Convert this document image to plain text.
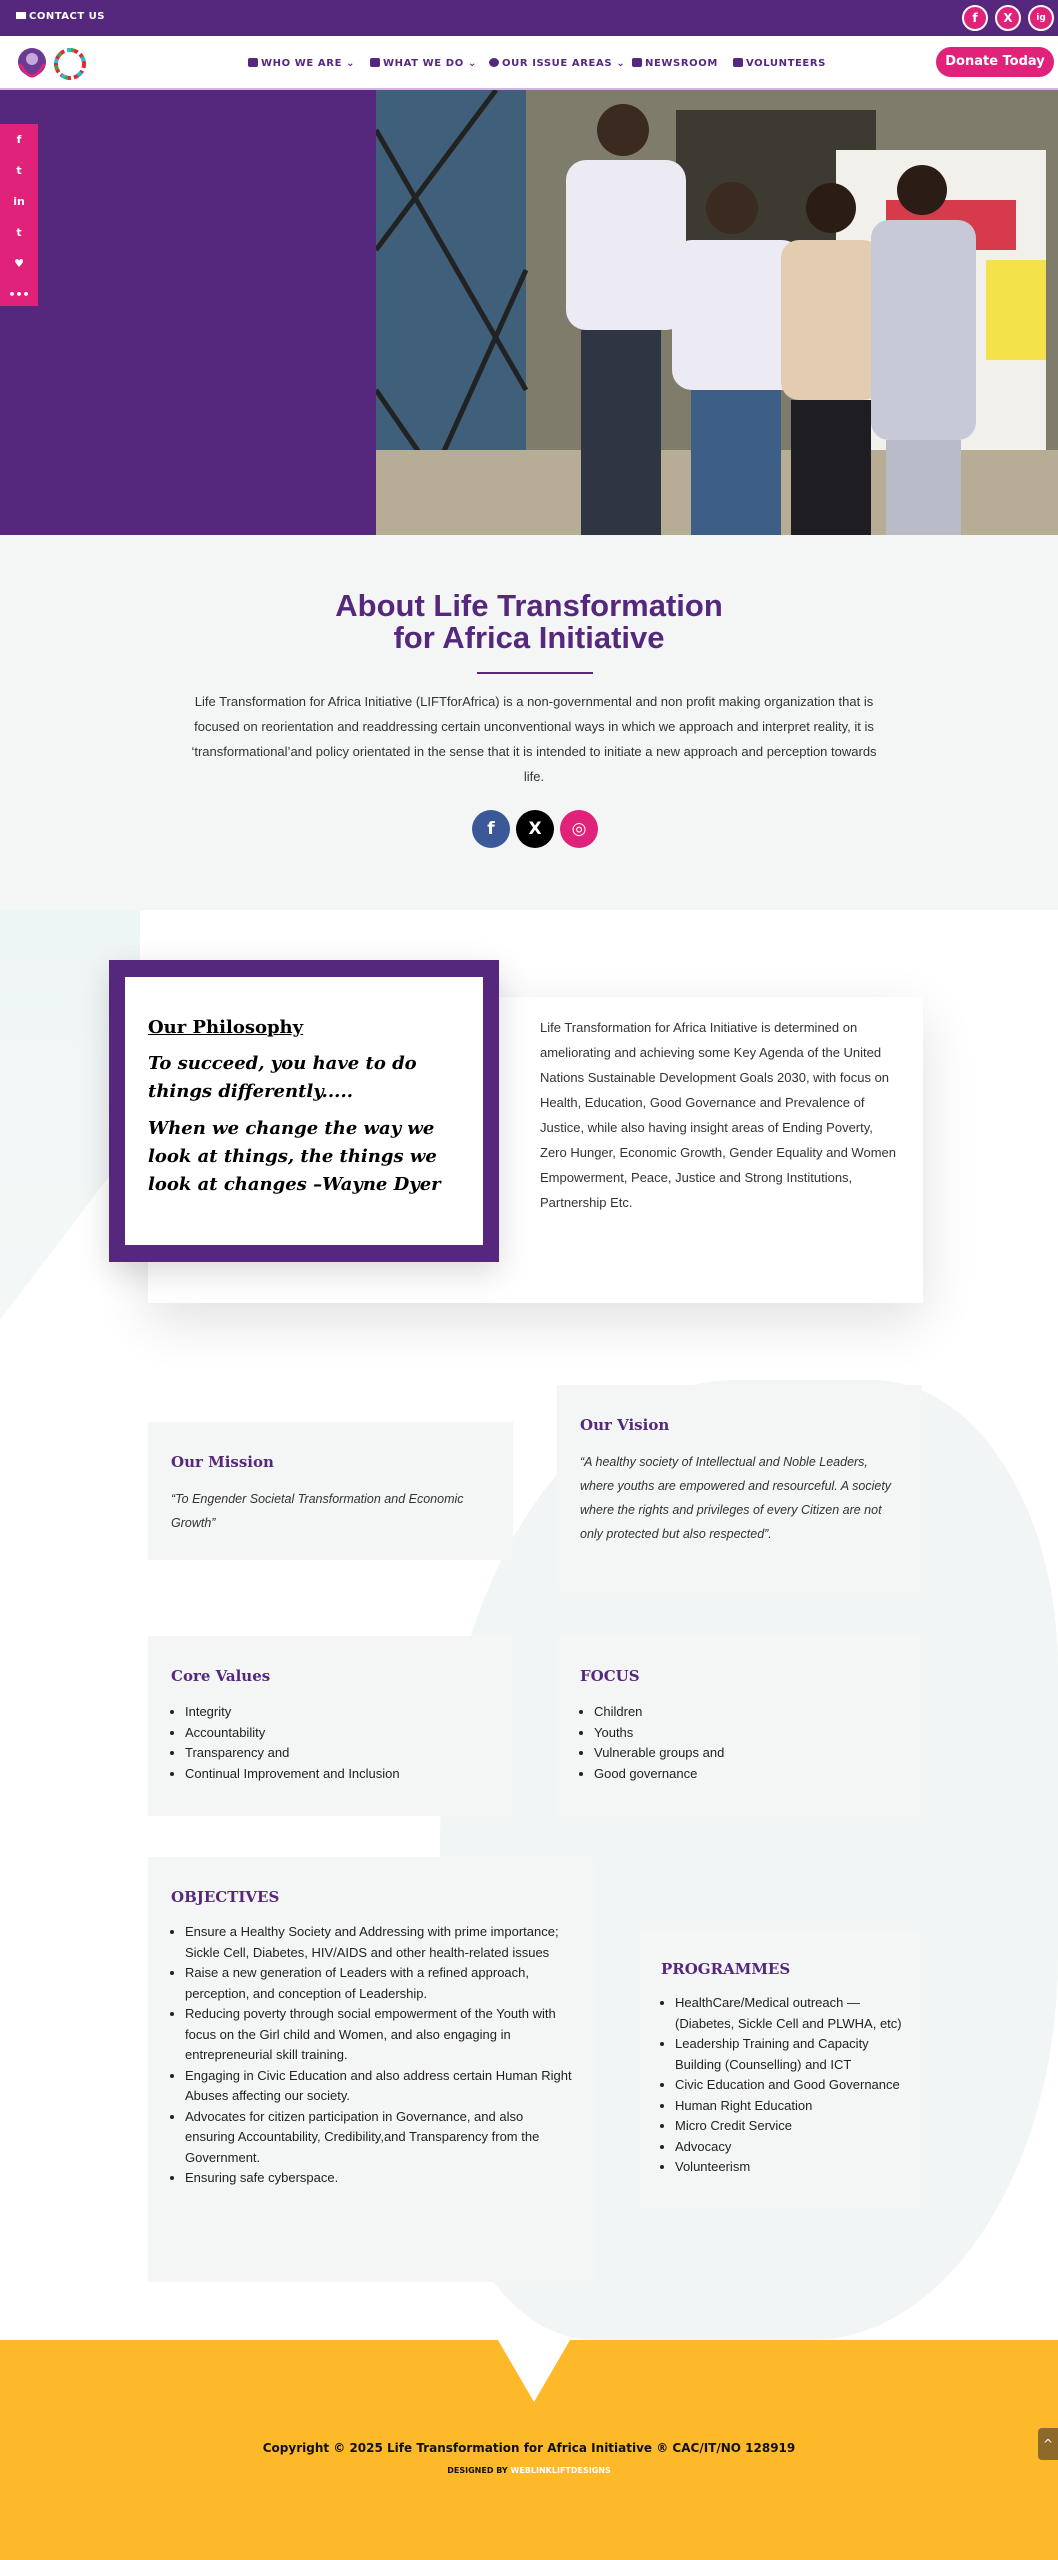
CONTACT US	f	X	ig
WHO WE ARE ⌄	WHAT WE DO ⌄	OUR ISSUE AREAS ⌄	NEWSROOM	VOLUNTEERS	Donate Today
f
t
in
t
♥
•••
About Life Transformation
for Africa Initiative
Life Transformation for Africa Initiative (LIFTforAfrica) is a non-governmental and non profit making organization that is focused on reorientation and readdressing certain unconventional ways in which we approach and interpret reality, it is ‘transformational’and policy orientated in the sense that it is intended to initiate a new approach and perception towards life.
f	X	◎
Our Philosophy
To succeed, you have to do things differently.....
When we change the way we look at things, the things we look at changes –Wayne Dyer
Life Transformation for Africa Initiative is determined on ameliorating and achieving some Key Agenda of the United Nations Sustainable Development Goals 2030, with focus on Health, Education, Good Governance and Prevalence of Justice, while also having insight areas of Ending Poverty, Zero Hunger, Economic Growth, Gender Equality and Women Empowerment, Peace, Justice and Strong Institutions, Partnership Etc.
Our Mission
“To Engender Societal Transformation and Economic Growth”
Our Vision
“A healthy society of Intellectual and Noble Leaders, where youths are empowered and resourceful. A society where the rights and privileges of every Citizen are not only protected but also respected”.
Core Values
• Integrity
• Accountability
• Transparency and
• Continual Improvement and Inclusion
FOCUS
• Children
• Youths
• Vulnerable groups and
• Good governance
OBJECTIVES
• Ensure a Healthy Society and Addressing with prime importance; Sickle Cell, Diabetes, HIV/AIDS and other health-related issues
• Raise a new generation of Leaders with a refined approach, perception, and conception of Leadership.
• Reducing poverty through social empowerment of the Youth with focus on the Girl child and Women, and also engaging in entrepreneurial skill training.
• Engaging in Civic Education and also address certain Human Right Abuses affecting our society.
• Advocates for citizen participation in Governance, and also ensuring Accountability, Credibility,and Transparency from the Government.
• Ensuring safe cyberspace.
PROGRAMMES
• HealthCare/Medical outreach — (Diabetes, Sickle Cell and PLWHA, etc)
• Leadership Training and Capacity Building (Counselling) and ICT
• Civic Education and Good Governance
• Human Right Education
• Micro Credit Service
• Advocacy
• Volunteerism
Copyright © 2025 Life Transformation for Africa Initiative ® CAC/IT/NO 128919
DESIGNED BY WEBLINKLIFTDESIGNS
^
